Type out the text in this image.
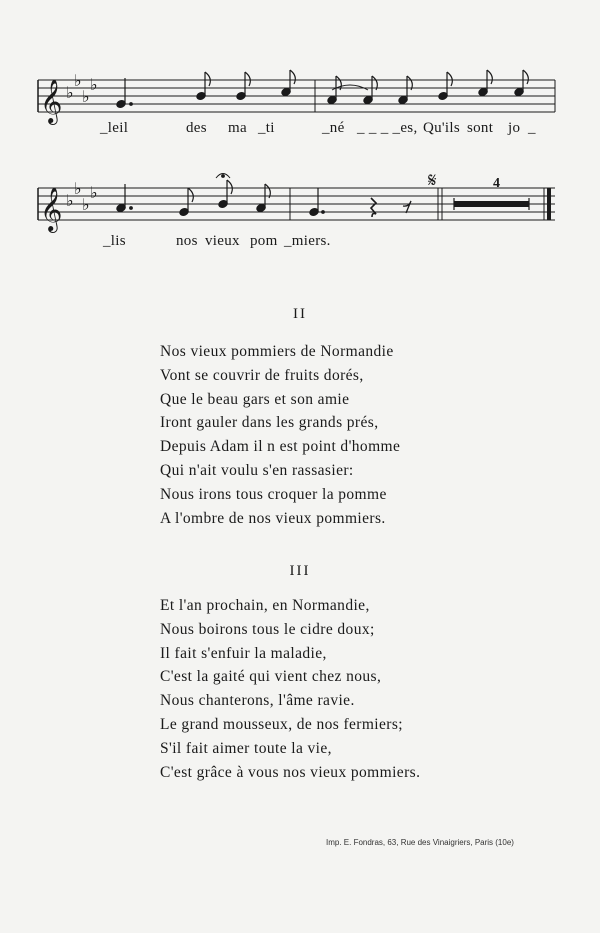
𝄞
𝄞
♭
♭
♭
♭
♭
♭
♭
♭
𝄋	4
_leil	des ma _ti	_né _ _ _ _es, Qu'ils sont jo _
_lis	nos vieux pom _miers.
II
Nos vieux pommiers de Normandie
Vont se couvrir de fruits dorés,
Que le beau gars et son amie
Iront gauler dans les grands prés,
Depuis Adam il n est point d'homme
Qui n'ait voulu s'en rassasier:
Nous irons tous croquer la pomme
A l'ombre de nos vieux pommiers.
III
Et l'an prochain, en Normandie,
Nous boirons tous le cidre doux;
Il fait s'enfuir la maladie,
C'est la gaité qui vient chez nous,
Nous chanterons, l'âme ravie.
Le grand mousseux, de nos fermiers;
S'il fait aimer toute la vie,
C'est grâce à vous nos vieux pommiers.
Imp. E. Fondras, 63, Rue des Vinaigriers, Paris (10e)
